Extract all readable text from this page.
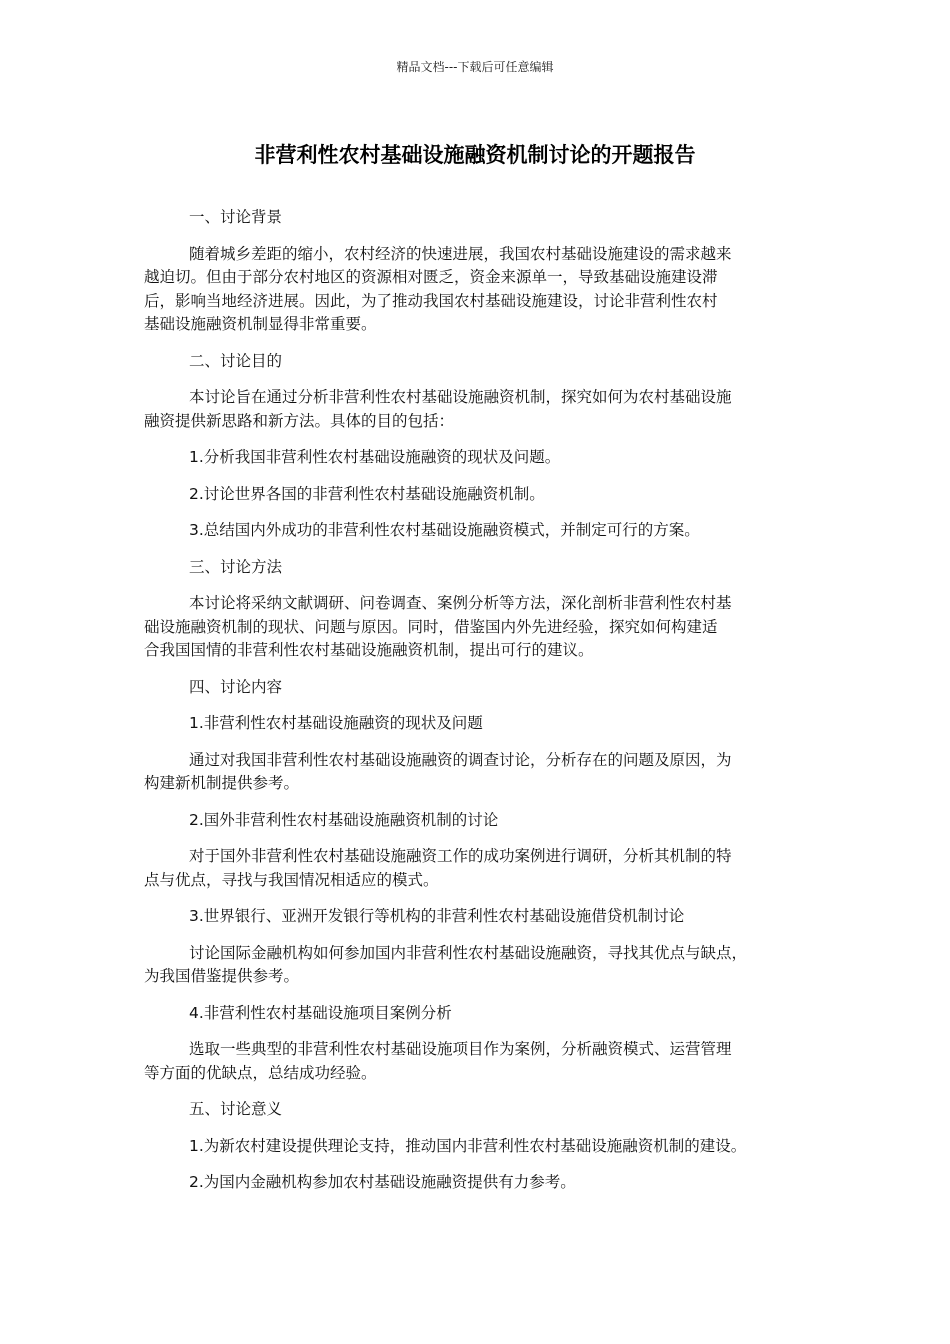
精品文档---下载后可任意编辑
非营利性农村基础设施融资机制讨论的开题报告

一、讨论背景

随着城乡差距的缩小，农村经济的快速进展，我国农村基础设施建设的需求越来
越迫切。但由于部分农村地区的资源相对匮乏，资金来源单一，导致基础设施建设滞
后，影响当地经济进展。因此，为了推动我国农村基础设施建设，讨论非营利性农村
基础设施融资机制显得非常重要。

二、讨论目的

本讨论旨在通过分析非营利性农村基础设施融资机制，探究如何为农村基础设施
融资提供新思路和新方法。具体的目的包括：

1.分析我国非营利性农村基础设施融资的现状及问题。

2.讨论世界各国的非营利性农村基础设施融资机制。

3.总结国内外成功的非营利性农村基础设施融资模式，并制定可行的方案。

三、讨论方法

本讨论将采纳文献调研、问卷调查、案例分析等方法，深化剖析非营利性农村基
础设施融资机制的现状、问题与原因。同时，借鉴国内外先进经验，探究如何构建适
合我国国情的非营利性农村基础设施融资机制，提出可行的建议。

四、讨论内容

1.非营利性农村基础设施融资的现状及问题

通过对我国非营利性农村基础设施融资的调查讨论，分析存在的问题及原因，为
构建新机制提供参考。

2.国外非营利性农村基础设施融资机制的讨论

对于国外非营利性农村基础设施融资工作的成功案例进行调研，分析其机制的特
点与优点，寻找与我国情况相适应的模式。

3.世界银行、亚洲开发银行等机构的非营利性农村基础设施借贷机制讨论

讨论国际金融机构如何参加国内非营利性农村基础设施融资，寻找其优点与缺点，
为我国借鉴提供参考。

4.非营利性农村基础设施项目案例分析

选取一些典型的非营利性农村基础设施项目作为案例，分析融资模式、运营管理
等方面的优缺点，总结成功经验。

五、讨论意义

1.为新农村建设提供理论支持，推动国内非营利性农村基础设施融资机制的建设。

2.为国内金融机构参加农村基础设施融资提供有力参考。
